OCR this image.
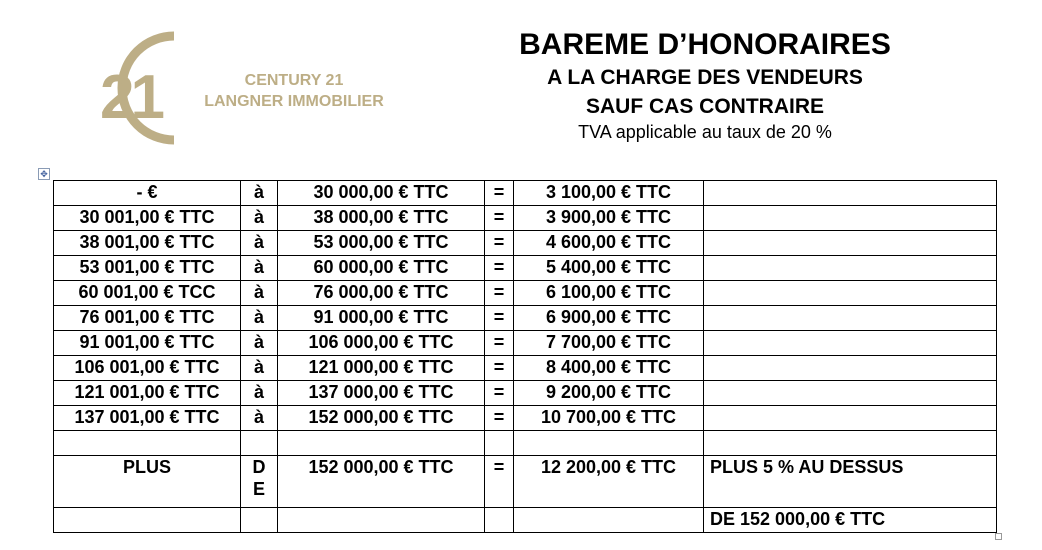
21	CENTURY 21
LANGNER IMMOBILIER
BAREME D’HONORAIRES
A LA CHARGE DES VENDEURS
SAUF CAS CONTRAIRE
TVA applicable au taux de 20 %
✥
- €	à	30 000,00 € TTC	=	3 100,00 € TTC	
30 001,00 € TTC	à	38 000,00 € TTC	=	3 900,00 € TTC	
38 001,00 € TTC	à	53 000,00 € TTC	=	4 600,00 € TTC	
53 001,00 € TTC	à	60 000,00 € TTC	=	5 400,00 € TTC	
60 001,00 € TCC	à	76 000,00 € TTC	=	6 100,00 € TTC	
76 001,00 € TTC	à	91 000,00 € TTC	=	6 900,00 € TTC	
91 001,00 € TTC	à	106 000,00 € TTC	=	7 700,00 € TTC	
106 001,00 € TTC	à	121 000,00 € TTC	=	8 400,00 € TTC	
121 001,00 € TTC	à	137 000,00 € TTC	=	9 200,00 € TTC	
137 001,00 € TTC	à	152 000,00 € TTC	=	10 700,00 € TTC	

PLUS	DE	152 000,00 € TTC	=	12 200,00 € TTC	PLUS 5 % AU DESSUS
					DE 152 000,00 € TTC
